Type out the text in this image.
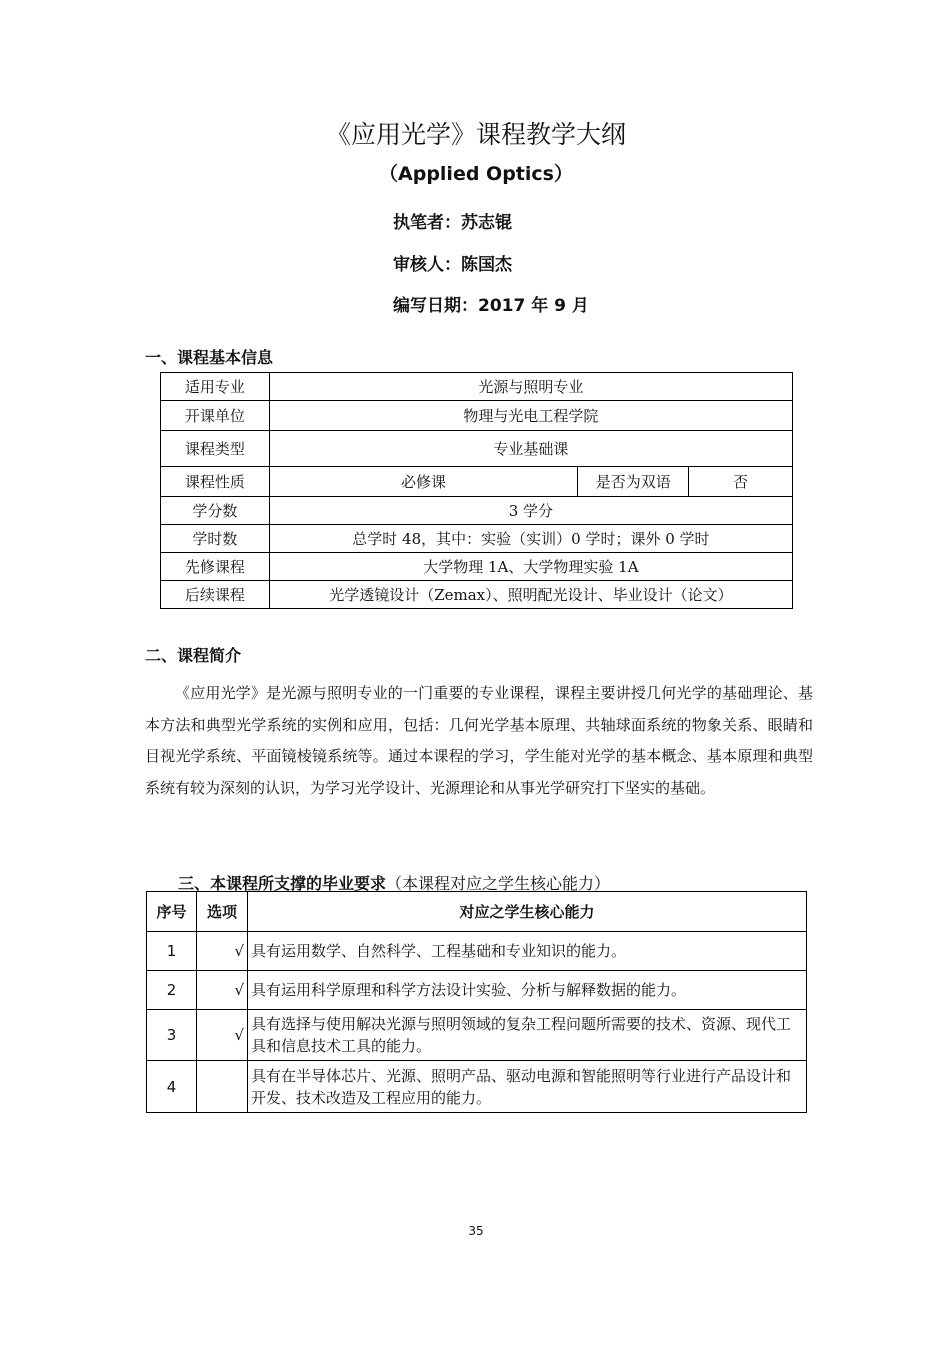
《应用光学》课程教学大纲
（Applied Optics）
执笔者：苏志锟
审核人：陈国杰
编写日期：2017 年 9 月
一、课程基本信息
适用专业	光源与照明专业		
开课单位	物理与光电工程学院		
课程类型	专业基础课		
课程性质	必修课	是否为双语	否
学分数	3 学分		
学时数	总学时 48，其中：实验（实训）0 学时；课外 0 学时		
先修课程	大学物理 1A、大学物理实验 1A		
后续课程	光学透镜设计（Zemax）、照明配光设计、毕业设计（论文）		
二、课程简介
《应用光学》是光源与照明专业的一门重要的专业课程，课程主要讲授几何光学的基础理论、基本方法和典型光学系统的实例和应用，包括：几何光学基本原理、共轴球面系统的物象关系、眼睛和目视光学系统、平面镜棱镜系统等。通过本课程的学习，学生能对光学的基本概念、基本原理和典型系统有较为深刻的认识，为学习光学设计、光源理论和从事光学研究打下坚实的基础。
三、本课程所支撑的毕业要求（本课程对应之学生核心能力）
序号	选项	对应之学生核心能力
1	√	具有运用数学、自然科学、工程基础和专业知识的能力。
2	√	具有运用科学原理和科学方法设计实验、分析与解释数据的能力。
3	√	具有选择与使用解决光源与照明领域的复杂工程问题所需要的技术、资源、现代工具和信息技术工具的能力。
4		具有在半导体芯片、光源、照明产品、驱动电源和智能照明等行业进行产品设计和开发、技术改造及工程应用的能力。
35
